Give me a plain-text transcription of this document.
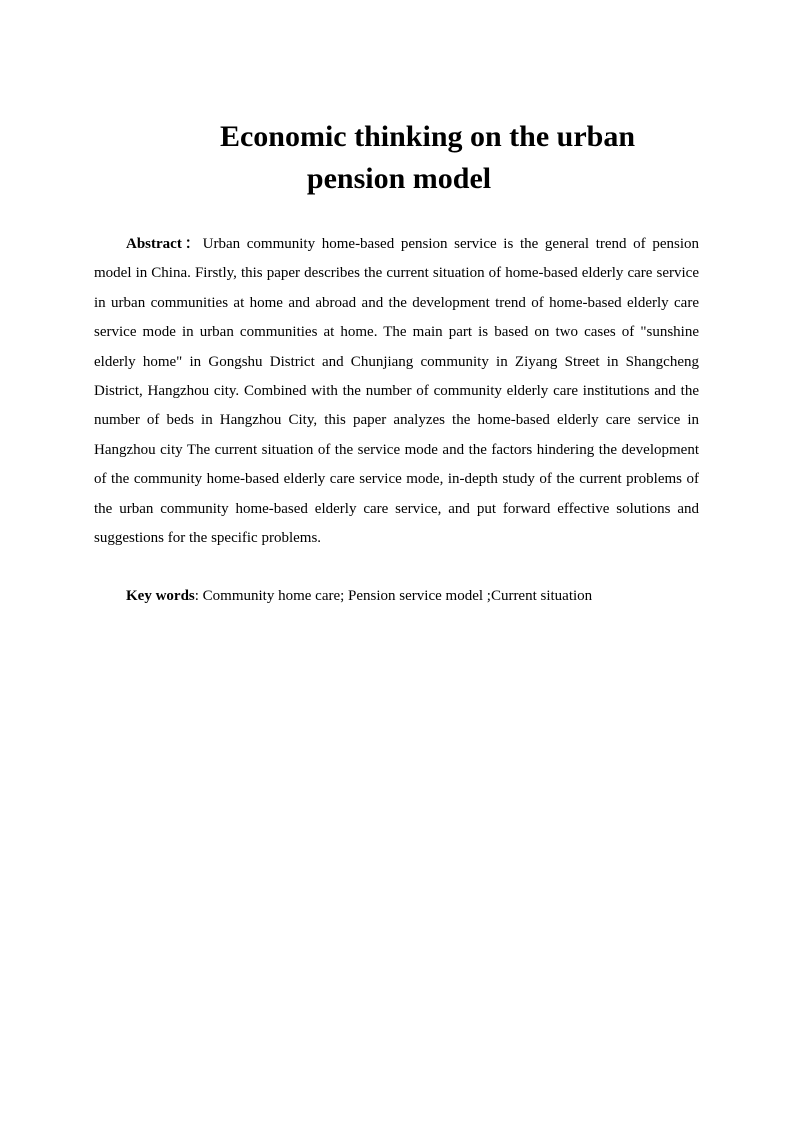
Economic thinking on the urban
pension model

Abstract：Urban community home-based pension service is the general trend of pension model in China. Firstly, this paper describes the current situation of home-based elderly care service in urban communities at home and abroad and the development trend of home-based elderly care service mode in urban communities at home. The main part is based on two cases of "sunshine elderly home" in Gongshu District and Chunjiang community in Ziyang Street in Shangcheng District, Hangzhou city. Combined with the number of community elderly care institutions and the number of beds in Hangzhou City, this paper analyzes the home-based elderly care service in Hangzhou city The current situation of the service mode and the factors hindering the development of the community home-based elderly care service mode, in-depth study of the current problems of the urban community home-based elderly care service, and put forward effective solutions and suggestions for the specific problems.

Key words: Community home care; Pension service model ;Current situation
